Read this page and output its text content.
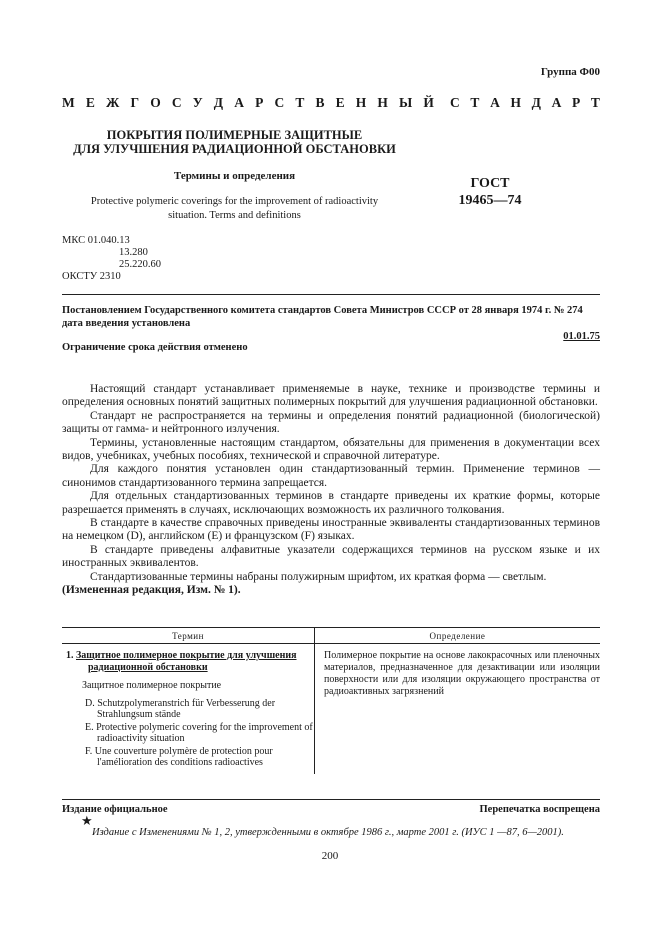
Группа Ф00
М Е Ж Г О С У Д А Р С Т В Е Н Н Ы Й С Т А Н Д А Р Т
ПОКРЫТИЯ ПОЛИМЕРНЫЕ ЗАЩИТНЫЕ
ДЛЯ УЛУЧШЕНИЯ РАДИАЦИОННОЙ ОБСТАНОВКИ
Термины и определения
Protective polymeric coverings for the improvement of radioactivity
situation. Terms and definitions
ГОСТ
19465—74
МКС 01.040.13
13.280
25.220.60
ОКСТУ 2310
Постановлением Государственного комитета стандартов Совета Министров СССР от 28 января 1974 г. № 274 дата введения установлена
01.01.75
Ограничение срока действия отменено

Настоящий стандарт устанавливает применяемые в науке, технике и производстве термины и определения основных понятий защитных полимерных покрытий для улучшения радиационной обстановки.

Стандарт не распространяется на термины и определения понятий радиационной (биологической) защиты от гамма- и нейтронного излучения.

Термины, установленные настоящим стандартом, обязательны для применения в документации всех видов, учебниках, учебных пособиях, технической и справочной литературе.

Для каждого понятия установлен один стандартизованный термин. Применение терминов — синонимов стандартизованного термина запрещается.

Для отдельных стандартизованных терминов в стандарте приведены их краткие формы, которые разрешается применять в случаях, исключающих возможность их различного толкования.

В стандарте в качестве справочных приведены иностранные эквиваленты стандартизованных терминов на немецком (D), английском (E) и французском (F) языках.

В стандарте приведены алфавитные указатели содержащихся терминов на русском языке и их иностранных эквивалентов.

Стандартизованные термины набраны полужирным шрифтом, их краткая форма — светлым.
(Измененная редакция, Изм. № 1).

Термин	Определение
1. Защитное полимерное покрытие для улучшения радиационной обстановки
Защитное полимерное покрытие
D. Schutzpolymeranstrich für Verbesserung der Strahlungsum stände
E. Protective polymeric covering for the improvement of radioactivity situation
F. Une couverture polymère de protection pour l'amélioration des conditions radioactives
Полимерное покрытие на основе лакокрасочных или пленочных материалов, предназначенное для дезактивации или изоляции поверхности или для изоляции окружающего пространства от радиоактивных загрязнений
Издание официальное	Перепечатка воспрещена
★
Издание с Изменениями № 1, 2, утвержденными в октябре 1986 г., марте 2001 г. (ИУС 1 —87, 6—2001).
200
